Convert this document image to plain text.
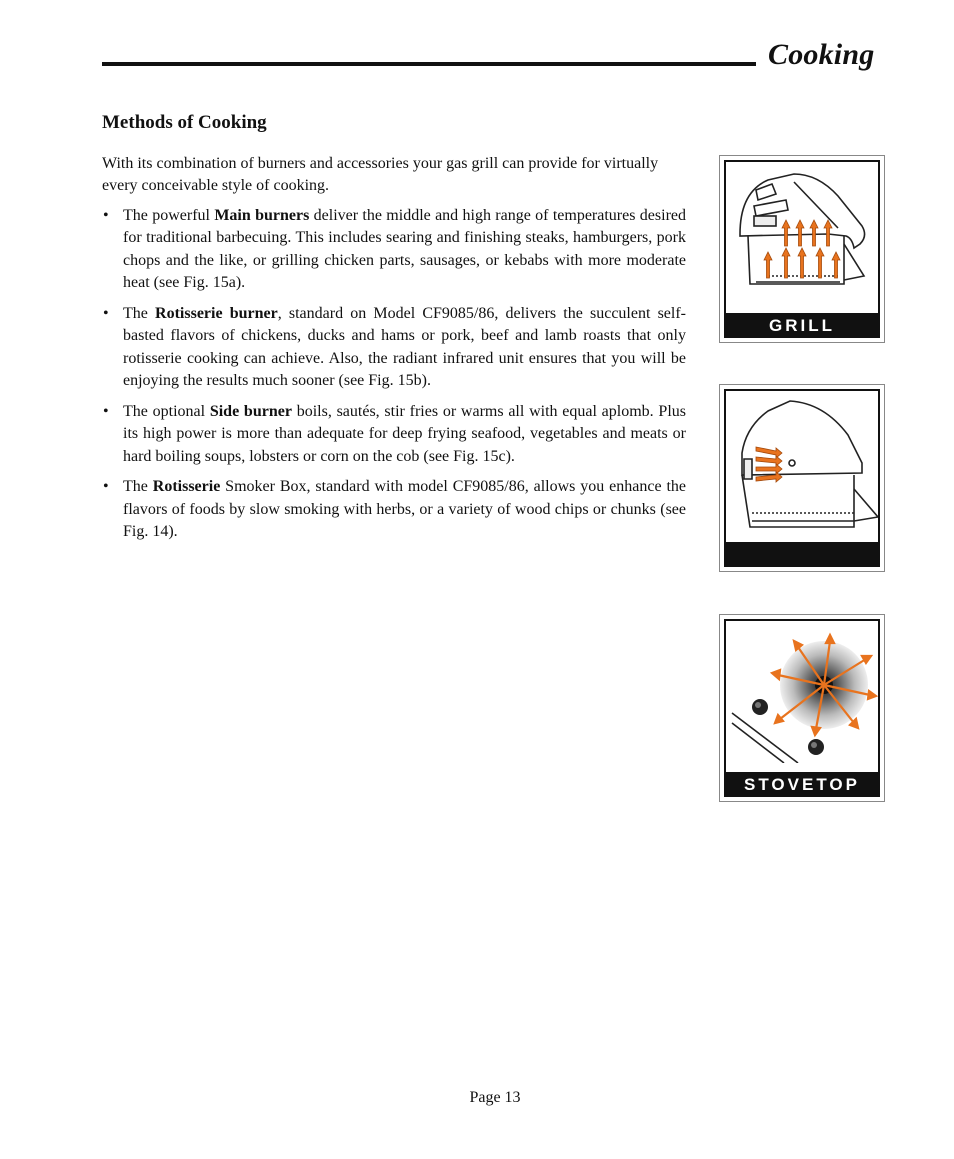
Cooking
Methods of Cooking

With its combination of burners and accessories your gas grill can provide for virtually every conceivable style of cooking.

• The powerful Main burners deliver the middle and high range of temperatures desired for traditional barbecuing. This includes searing and finishing steaks, hamburgers, pork chops and the like, or grilling chicken parts, sausages, or kebabs with more moderate heat (see Fig. 15a).
• The Rotisserie burner, standard on Model CF9085/86, delivers the succulent self-basted flavors of chickens, ducks and hams or pork, beef and lamb roasts that only rotisserie cooking can achieve. Also, the radiant infrared unit ensures that you will be enjoying the results much sooner (see Fig. 15b).
• The optional Side burner boils, sautés, stir fries or warms all with equal aplomb. Plus its high power is more than adequate for deep frying seafood, vegetables and meats or hard boiling soups, lobsters or corn on the cob (see Fig. 15c).
• The Rotisserie Smoker Box, standard with model CF9085/86, allows you enhance the flavors of foods by slow smoking with herbs, or a variety of wood chips or chunks (see Fig. 14).
GRILL
STOVETOP
Page 13
